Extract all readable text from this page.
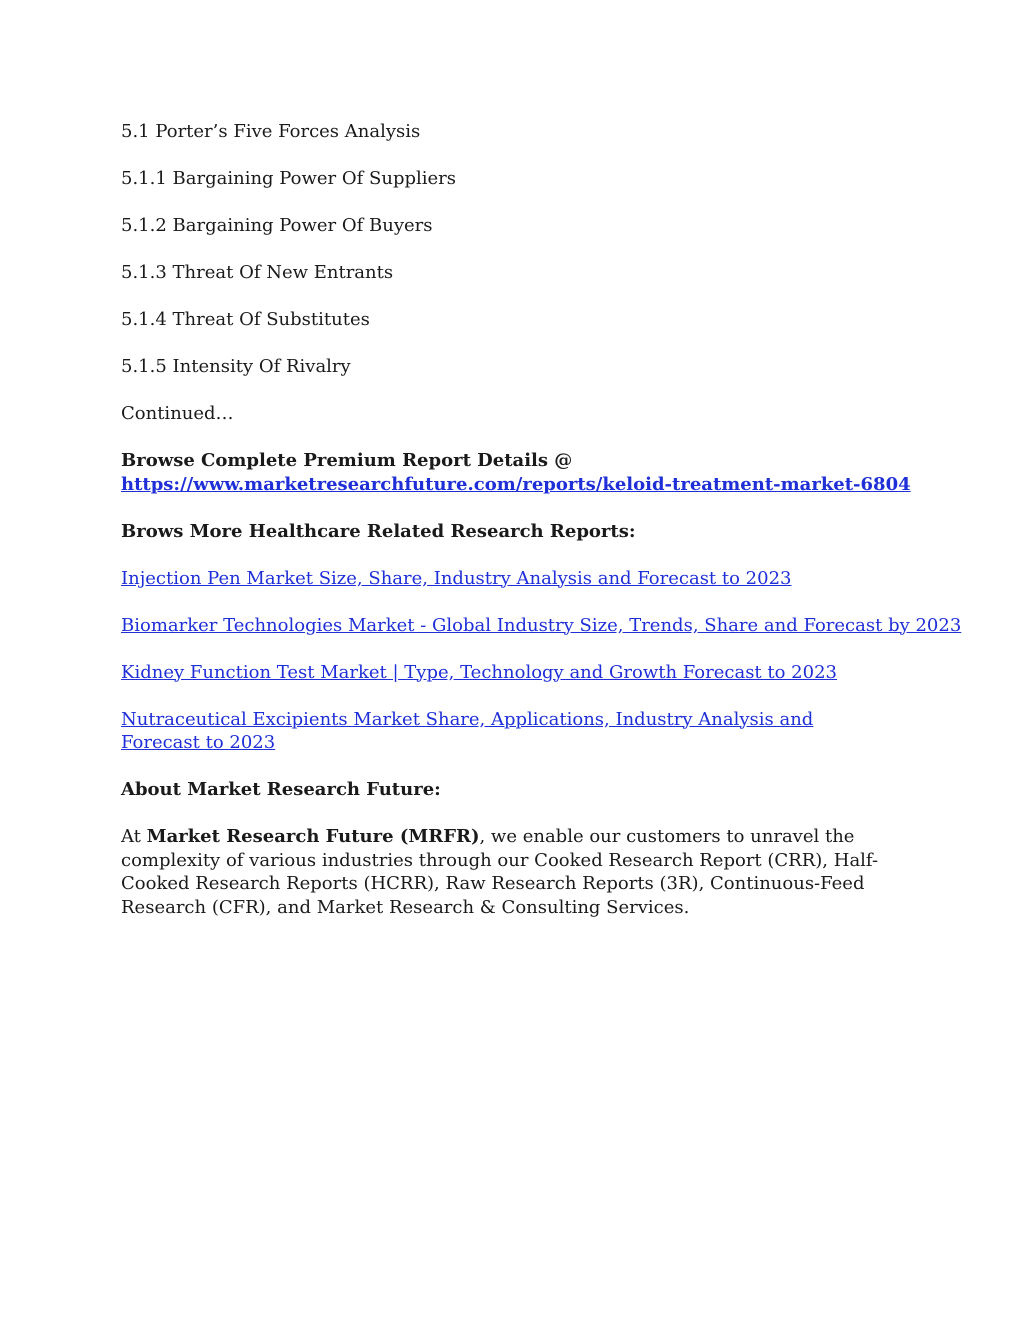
5.1 Porter’s Five Forces Analysis
5.1.1 Bargaining Power Of Suppliers
5.1.2 Bargaining Power Of Buyers
5.1.3 Threat Of New Entrants
5.1.4 Threat Of Substitutes
5.1.5 Intensity Of Rivalry
Continued…
Browse Complete Premium Report Details @
https://www.marketresearchfuture.com/reports/keloid-treatment-market-6804
Brows More Healthcare Related Research Reports:
Injection Pen Market Size, Share, Industry Analysis and Forecast to 2023
Biomarker Technologies Market - Global Industry Size, Trends, Share and Forecast by 2023
Kidney Function Test Market | Type, Technology and Growth Forecast to 2023
Nutraceutical Excipients Market Share, Applications, Industry Analysis and Forecast to 2023
About Market Research Future:
At Market Research Future (MRFR), we enable our customers to unravel the complexity of various industries through our Cooked Research Report (CRR), Half-Cooked Research Reports (HCRR), Raw Research Reports (3R), Continuous-Feed Research (CFR), and Market Research & Consulting Services.
